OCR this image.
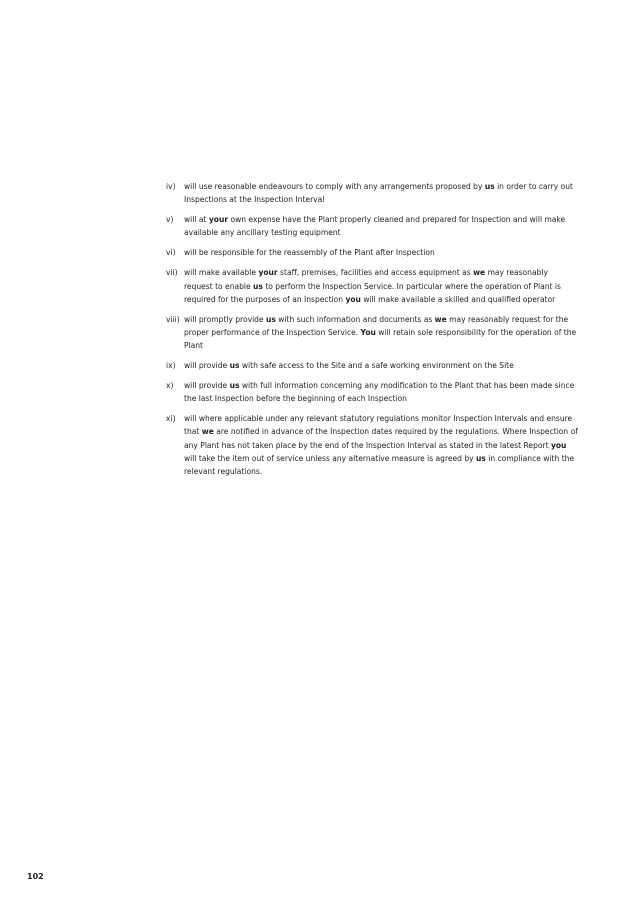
iv)	will use reasonable endeavours to comply with any arrangements proposed by us in order to carry out Inspections at the Inspection Interval
v)	will at your own expense have the Plant properly cleaned and prepared for Inspection and will make available any ancillary testing equipment
vi)	will be responsible for the reassembly of the Plant after Inspection
vii) will make available your staff, premises, facilities and access equipment as we may reasonably request to enable us to perform the Inspection Service. In particular where the operation of Plant is required for the purposes of an Inspection you will make available a skilled and qualified operator
viii) will promptly provide us with such information and documents as we may reasonably request for the proper performance of the Inspection Service. You will retain sole responsibility for the operation of the Plant
ix)	will provide us with safe access to the Site and a safe working environment on the Site
x)	will provide us with full information concerning any modification to the Plant that has been made since the last Inspection before the beginning of each Inspection
xi)	will where applicable under any relevant statutory regulations monitor Inspection Intervals and ensure that we are notified in advance of the Inspection dates required by the regulations. Where Inspection of any Plant has not taken place by the end of the Inspection Interval as stated in the latest Report you will take the item out of service unless any alternative measure is agreed by us in compliance with the relevant regulations.
102
